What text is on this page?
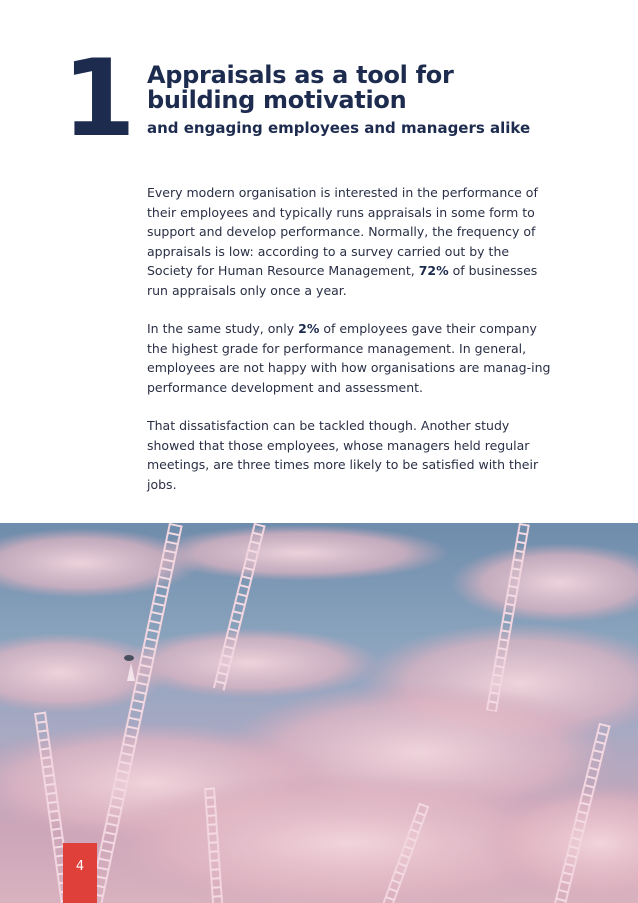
1 Appraisals as a tool for
building motivation
and engaging employees and managers alike

Every modern organisation is interested in the performance of their employees and typically runs appraisals in some form to support and develop performance. Normally, the frequency of appraisals is low: according to a survey carried out by the Society for Human Resource Management, 72% of businesses run appraisals only once a year.

In the same study, only 2% of employees gave their company the highest grade for performance management. In general, employees are not happy with how organisations are manag-ing performance development and assessment.

That dissatisfaction can be tackled though. Another study showed that those employees, whose managers held regular meetings, are three times more likely to be satisfied with their jobs.

4
